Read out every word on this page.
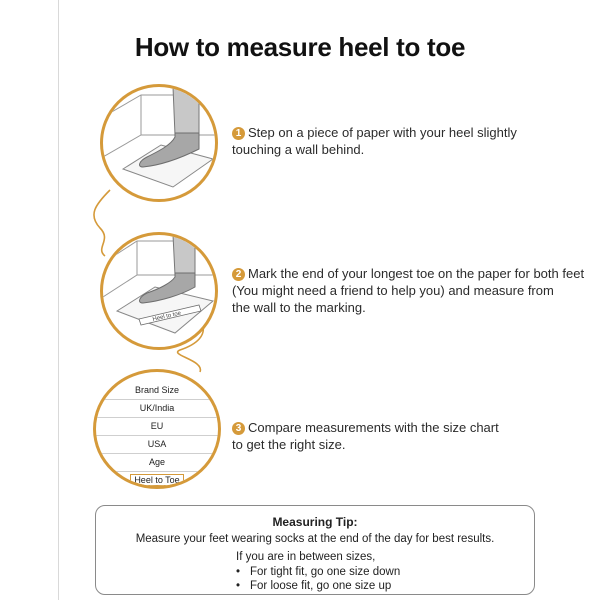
How to measure heel to toe
Heel to toe
Brand Size
UK/India
EU
USA
Age
Heel to Toe
1 Step on a piece of paper with your heel slightly
touching a wall behind.
2 Mark the end of your longest toe on the paper for both feet
(You might need a friend to help you) and measure from
the wall to the marking.
3 Compare measurements with the size chart
to get the right size.
Measuring Tip:
Measure your feet wearing socks at the end of the day for best results.
If you are in between sizes,
• For tight fit, go one size down
• For loose fit, go one size up
